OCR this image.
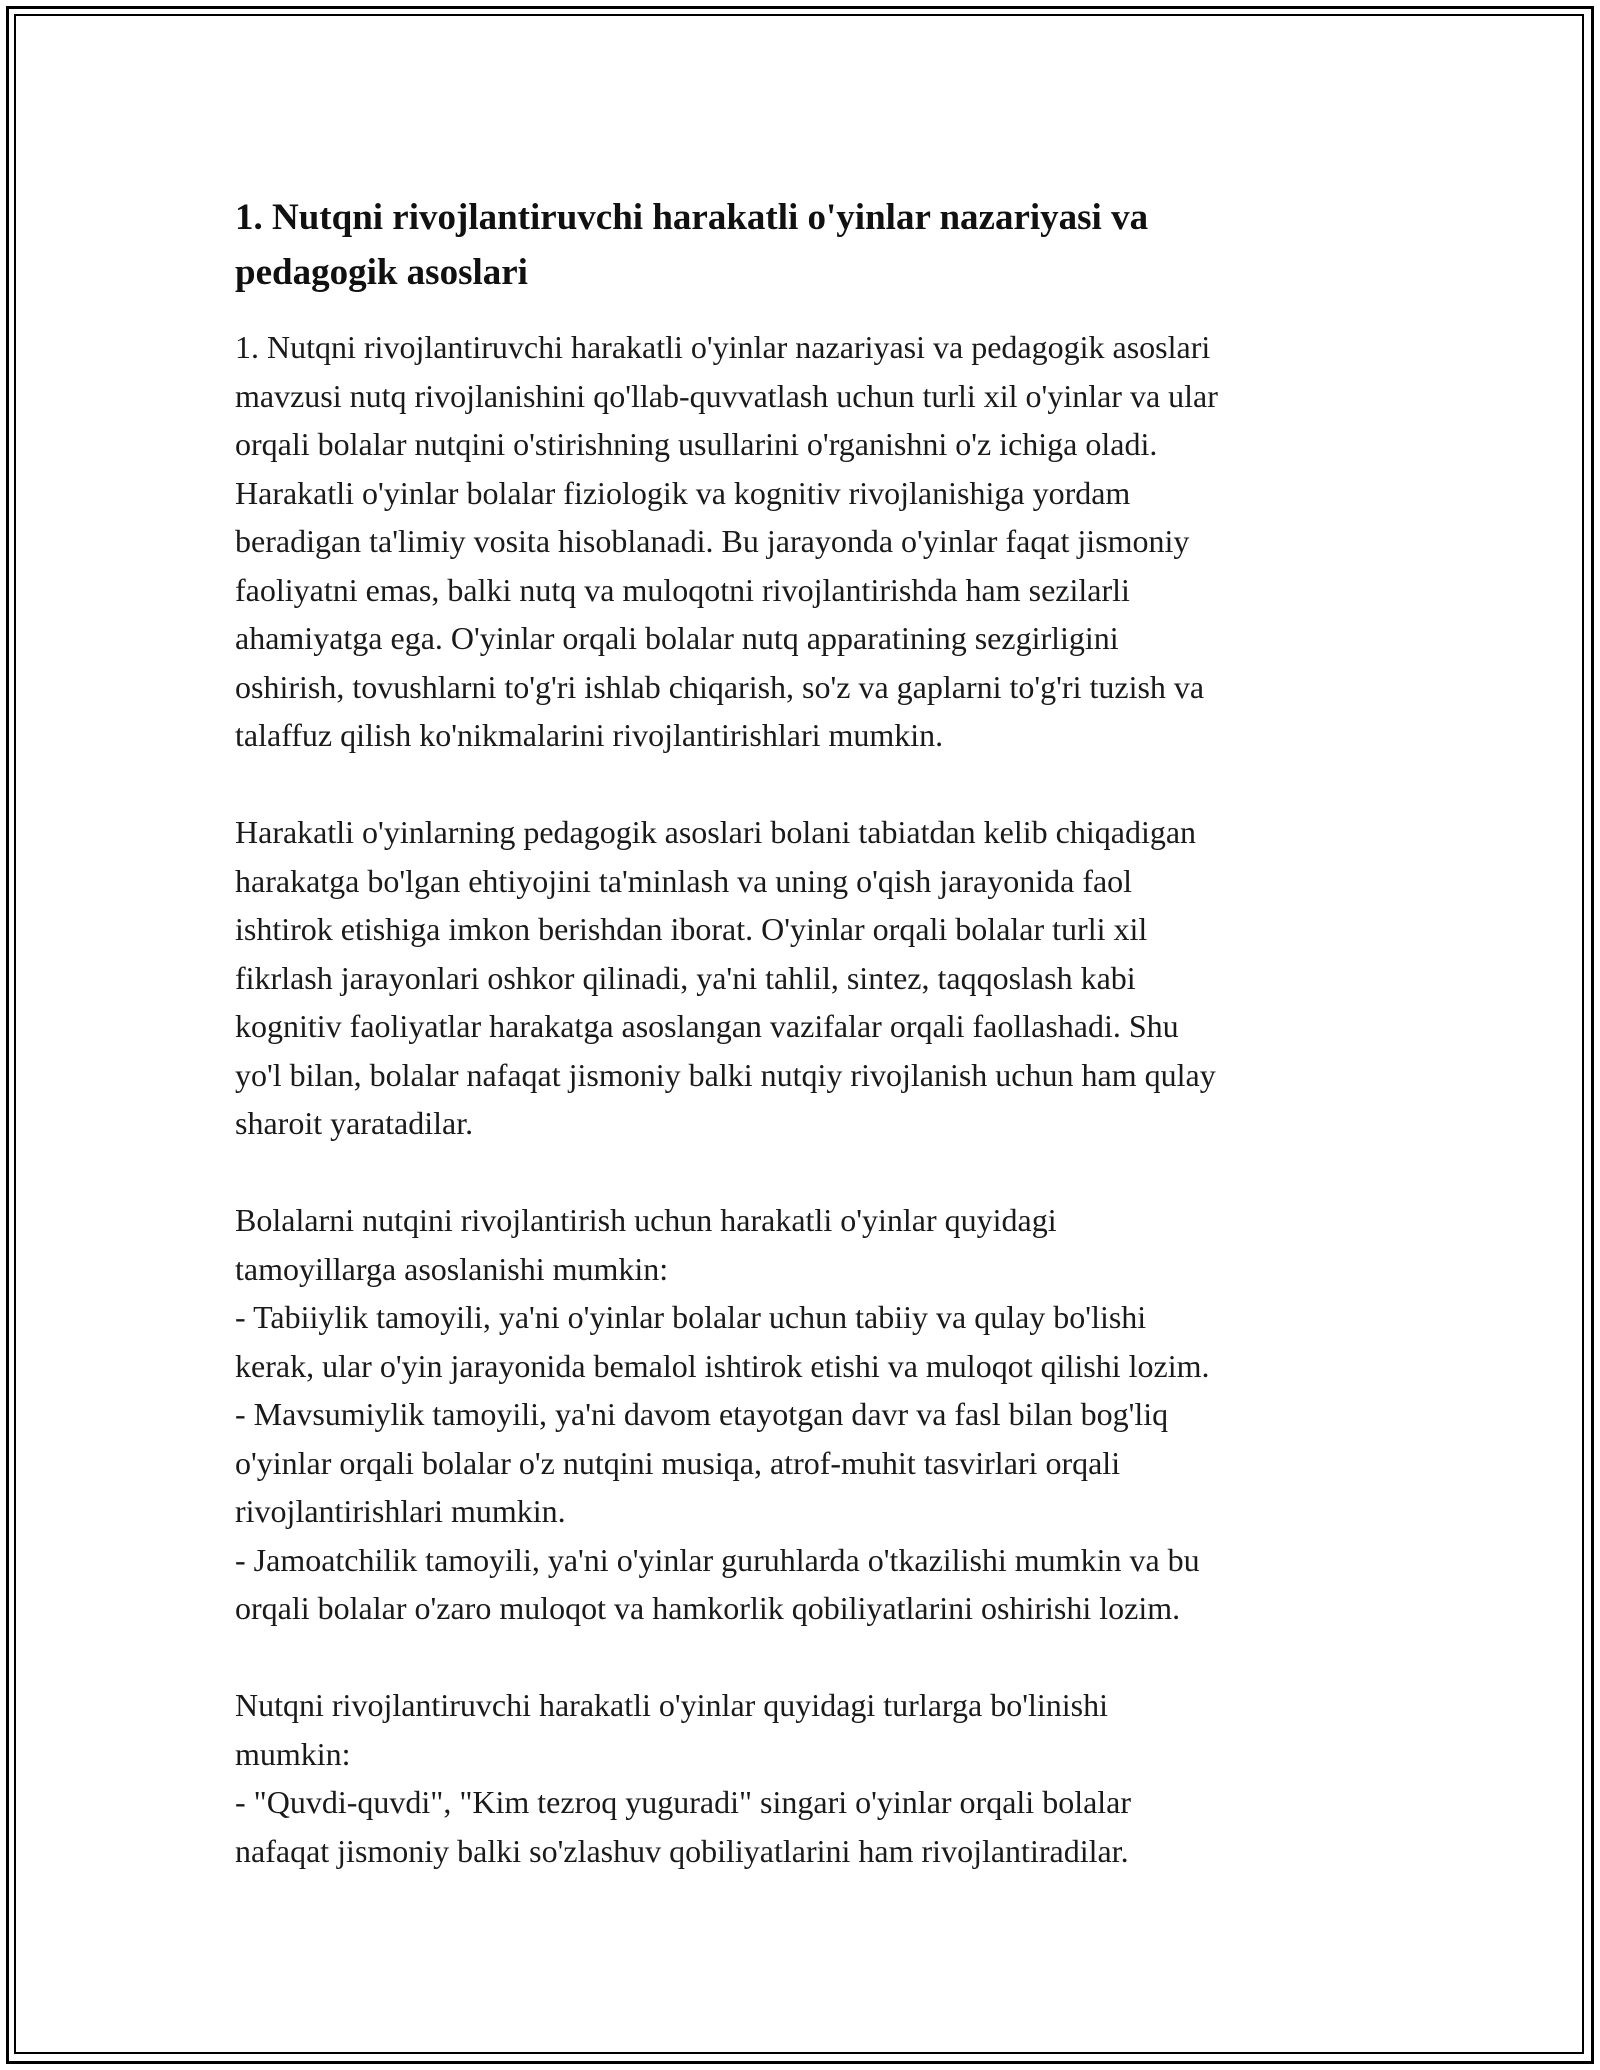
1. Nutqni rivojlantiruvchi harakatli o'yinlar nazariyasi va
pedagogik asoslari
1. Nutqni rivojlantiruvchi harakatli o'yinlar nazariyasi va pedagogik asoslari
mavzusi nutq rivojlanishini qo'llab-quvvatlash uchun turli xil o'yinlar va ular
orqali bolalar nutqini o'stirishning usullarini o'rganishni o'z ichiga oladi.
Harakatli o'yinlar bolalar fiziologik va kognitiv rivojlanishiga yordam
beradigan ta'limiy vosita hisoblanadi. Bu jarayonda o'yinlar faqat jismoniy
faoliyatni emas, balki nutq va muloqotni rivojlantirishda ham sezilarli
ahamiyatga ega. O'yinlar orqali bolalar nutq apparatining sezgirligini
oshirish, tovushlarni to'g'ri ishlab chiqarish, so'z va gaplarni to'g'ri tuzish va
talaffuz qilish ko'nikmalarini rivojlantirishlari mumkin.
Harakatli o'yinlarning pedagogik asoslari bolani tabiatdan kelib chiqadigan
harakatga bo'lgan ehtiyojini ta'minlash va uning o'qish jarayonida faol
ishtirok etishiga imkon berishdan iborat. O'yinlar orqali bolalar turli xil
fikrlash jarayonlari oshkor qilinadi, ya'ni tahlil, sintez, taqqoslash kabi
kognitiv faoliyatlar harakatga asoslangan vazifalar orqali faollashadi. Shu
yo'l bilan, bolalar nafaqat jismoniy balki nutqiy rivojlanish uchun ham qulay
sharoit yaratadilar.
Bolalarni nutqini rivojlantirish uchun harakatli o'yinlar quyidagi
tamoyillarga asoslanishi mumkin:
- Tabiiylik tamoyili, ya'ni o'yinlar bolalar uchun tabiiy va qulay bo'lishi
kerak, ular o'yin jarayonida bemalol ishtirok etishi va muloqot qilishi lozim.
- Mavsumiylik tamoyili, ya'ni davom etayotgan davr va fasl bilan bog'liq
o'yinlar orqali bolalar o'z nutqini musiqa, atrof-muhit tasvirlari orqali
rivojlantirishlari mumkin.
- Jamoatchilik tamoyili, ya'ni o'yinlar guruhlarda o'tkazilishi mumkin va bu
orqali bolalar o'zaro muloqot va hamkorlik qobiliyatlarini oshirishi lozim.
Nutqni rivojlantiruvchi harakatli o'yinlar quyidagi turlarga bo'linishi
mumkin:
- "Quvdi-quvdi", "Kim tezroq yuguradi" singari o'yinlar orqali bolalar
nafaqat jismoniy balki so'zlashuv qobiliyatlarini ham rivojlantiradilar.
